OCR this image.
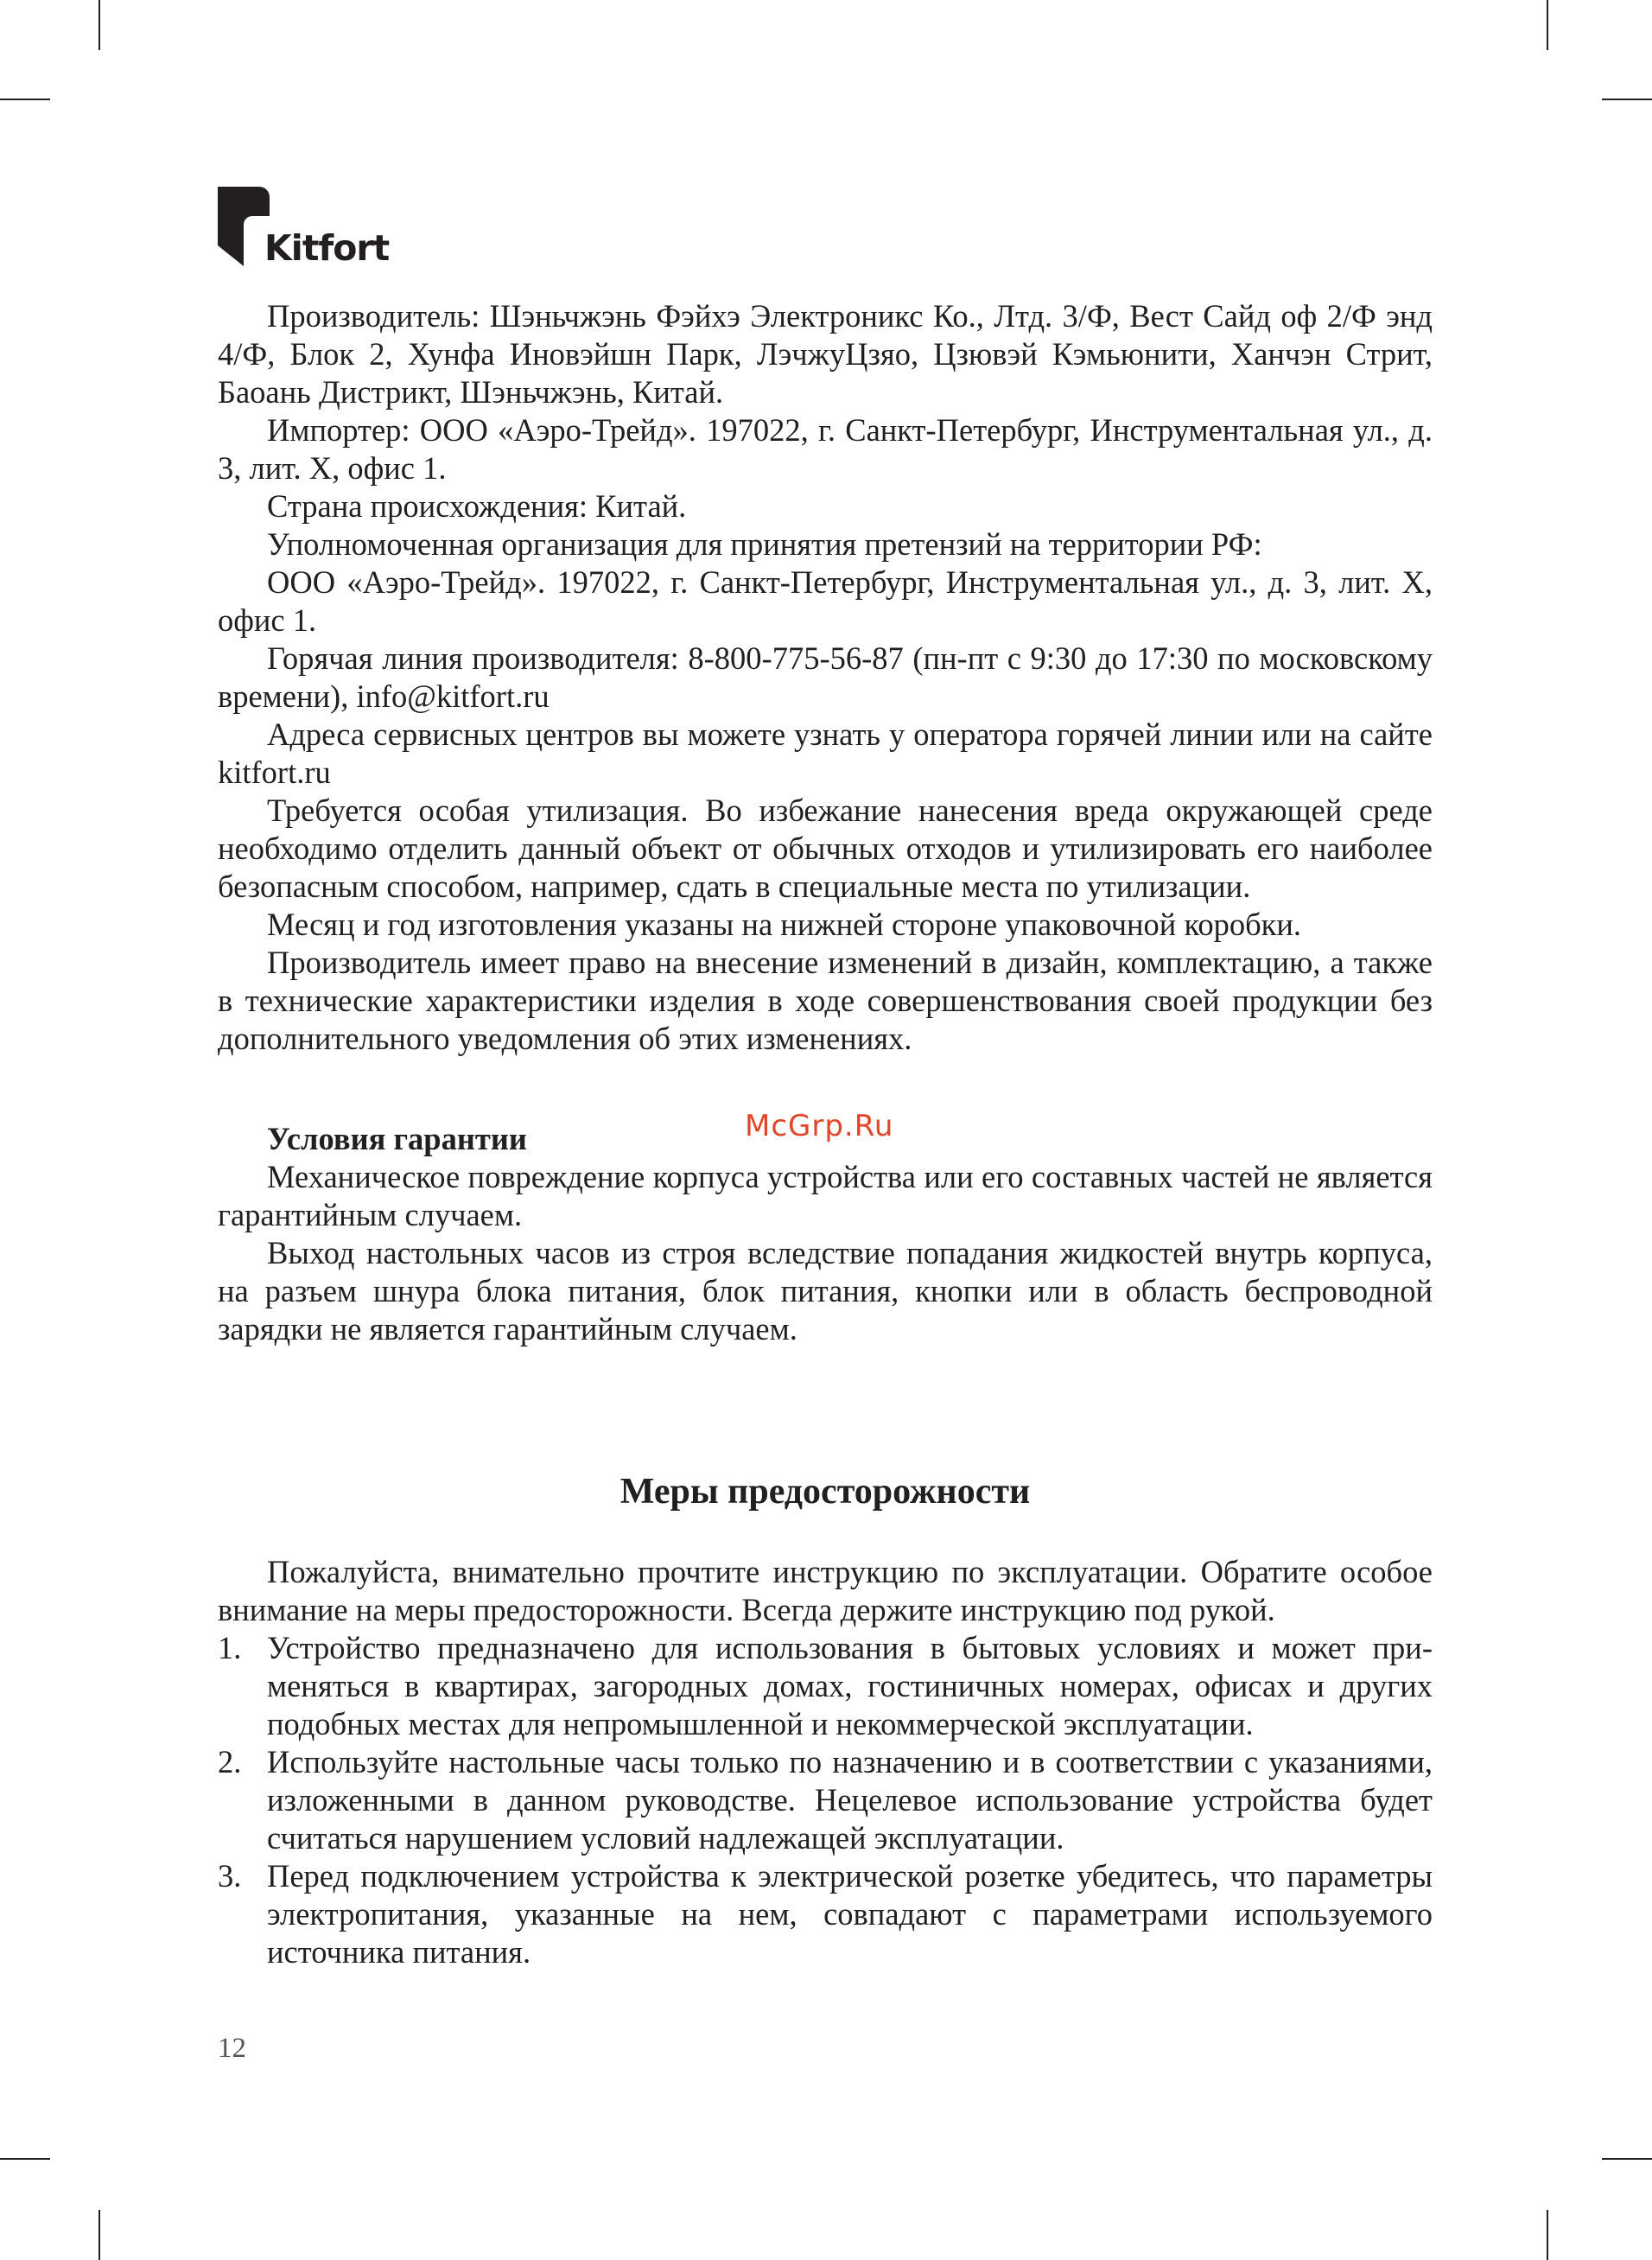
Kitfort

Производитель: Шэньчжэнь Фэйхэ Электроникс Ко., Лтд. 3/Ф, Вест Сайд оф 2/Ф энд 4/Ф, Блок 2, Хунфа Иновэйшн Парк, ЛэчжуЦзяо, Цзювэй Кэмьюнити, Ханчэн Стрит, Баоань Дистрикт, Шэньчжэнь, Китай.

Импортер: ООО «Аэро-Трейд». 197022, г. Санкт-Петербург, Инструментальная ул., д. 3, лит. Х, офис 1.

Страна происхождения: Китай.

Уполномоченная организация для принятия претензий на территории РФ:

ООО «Аэро-Трейд». 197022, г. Санкт-Петербург, Инструментальная ул., д. 3, лит. Х, офис 1.

Горячая линия производителя: 8-800-775-56-87 (пн-пт с 9:30 до 17:30 по московскому времени), info@kitfort.ru

Адреса сервисных центров вы можете узнать у оператора горячей линии или на сайте kitfort.ru

Требуется особая утилизация. Во избежание нанесения вреда окружающей среде необходимо отделить данный объект от обычных отходов и утилизировать его наиболее безопасным способом, например, сдать в специальные места по утилизации.

Месяц и год изготовления указаны на нижней стороне упаковочной коробки.

Производитель имеет право на внесение изменений в дизайн, комплектацию, а также в технические характеристики изделия в ходе совершенствования своей продукции без дополнительного уведомления об этих изменениях.

Условия гарантии

Механическое повреждение корпуса устройства или его составных частей не является гарантийным случаем.

Выход настольных часов из строя вследствие попадания жидкостей внутрь корпуса, на разъем шнура блока питания, блок питания, кнопки или в область беспроводной зарядки не является гарантийным случаем.

McGrp.Ru
Меры предосторожности

Пожалуйста, внимательно прочтите инструкцию по эксплуатации. Обратите особое внимание на меры предосторожности. Всегда держите инструкцию под рукой.

1. Устройство предназначено для использования в бытовых условиях и может применяться в квартирах, загородных домах, гостиничных номерах, офисах и других подобных местах для непромышленной и некоммерческой эксплуатации.
2. Используйте настольные часы только по назначению и в соответствии с указаниями, изложенными в данном руководстве. Нецелевое использование устройства будет считаться нарушением условий надлежащей эксплуатации.
3. Перед подключением устройства к электрической розетке убедитесь, что параметры электропитания, указанные на нем, совпадают с параметрами используемого источника питания.
12
